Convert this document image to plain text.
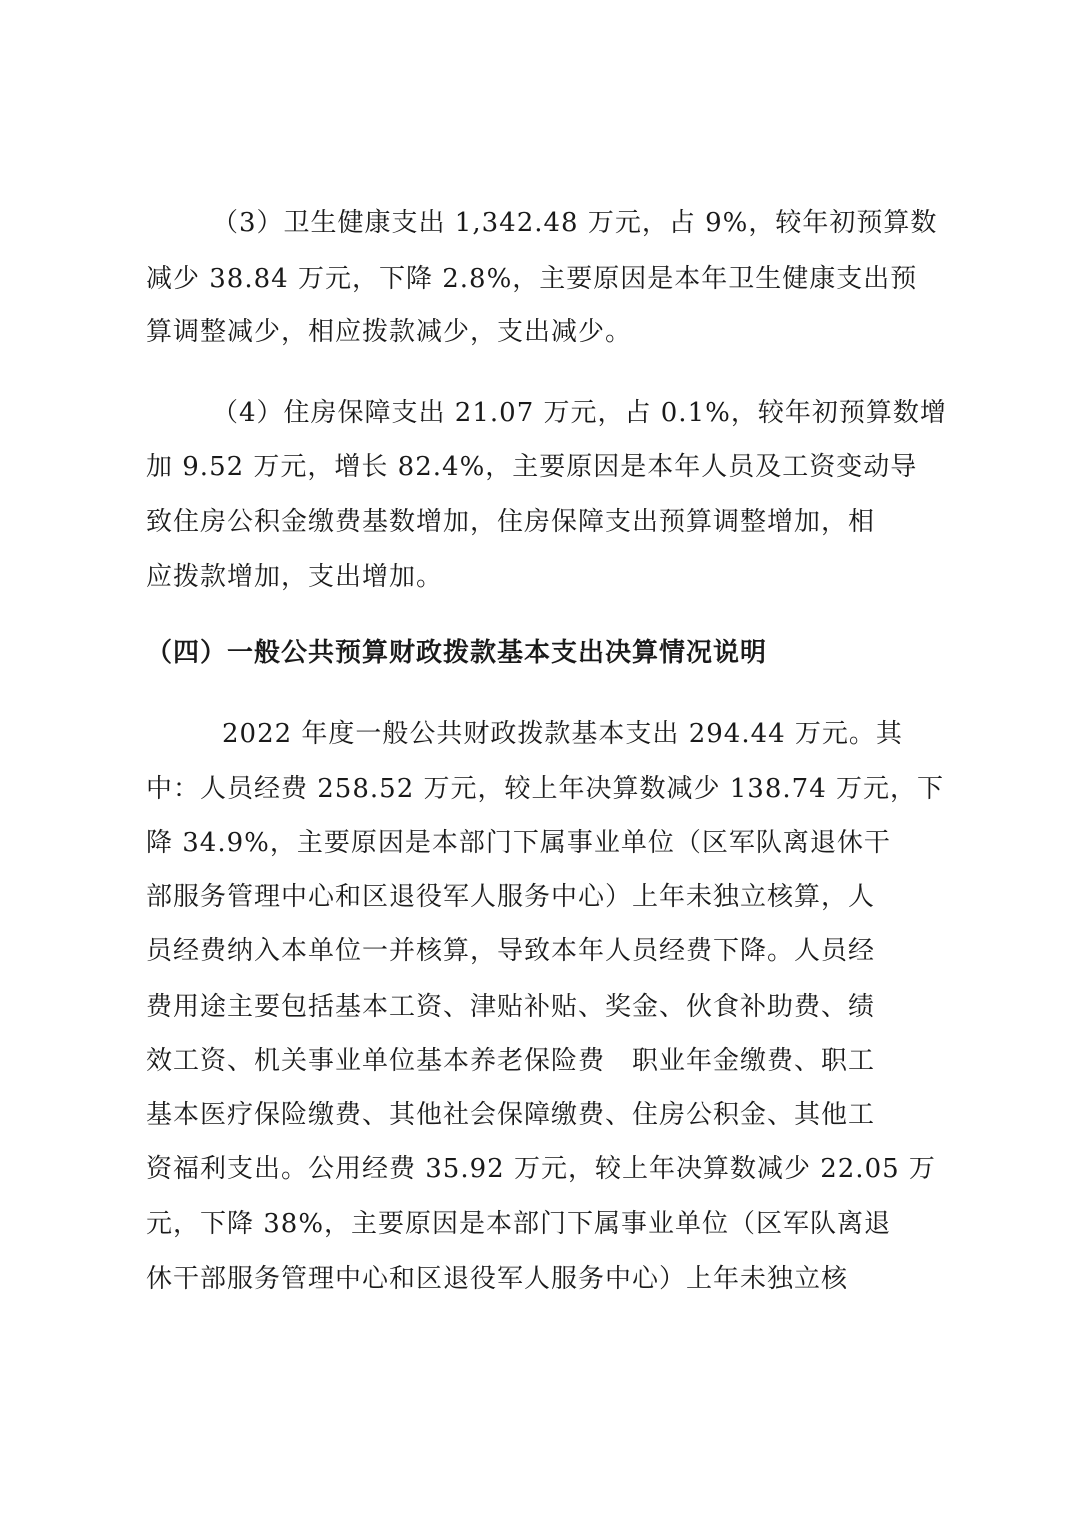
（3）卫生健康支出 1,342.48 万元，占 9%，较年初预算数
减少 38.84 万元，下降 2.8%，主要原因是本年卫生健康支出预
算调整减少，相应拨款减少，支出减少。
（4）住房保障支出 21.07 万元，占 0.1%，较年初预算数增
加 9.52 万元，增长 82.4%，主要原因是本年人员及工资变动导
致住房公积金缴费基数增加，住房保障支出预算调整增加，相
应拨款增加，支出增加。
（四）一般公共预算财政拨款基本支出决算情况说明
2022 年度一般公共财政拨款基本支出 294.44 万元。其
中：人员经费 258.52 万元，较上年决算数减少 138.74 万元，下
降 34.9%，主要原因是本部门下属事业单位（区军队离退休干
部服务管理中心和区退役军人服务中心）上年未独立核算，人
员经费纳入本单位一并核算，导致本年人员经费下降。人员经
费用途主要包括基本工资、津贴补贴、奖金、伙食补助费、绩
效工资、机关事业单位基本养老保险费　职业年金缴费、职工
基本医疗保险缴费、其他社会保障缴费、住房公积金、其他工
资福利支出。公用经费 35.92 万元，较上年决算数减少 22.05 万
元，下降 38%，主要原因是本部门下属事业单位（区军队离退
休干部服务管理中心和区退役军人服务中心）上年未独立核
